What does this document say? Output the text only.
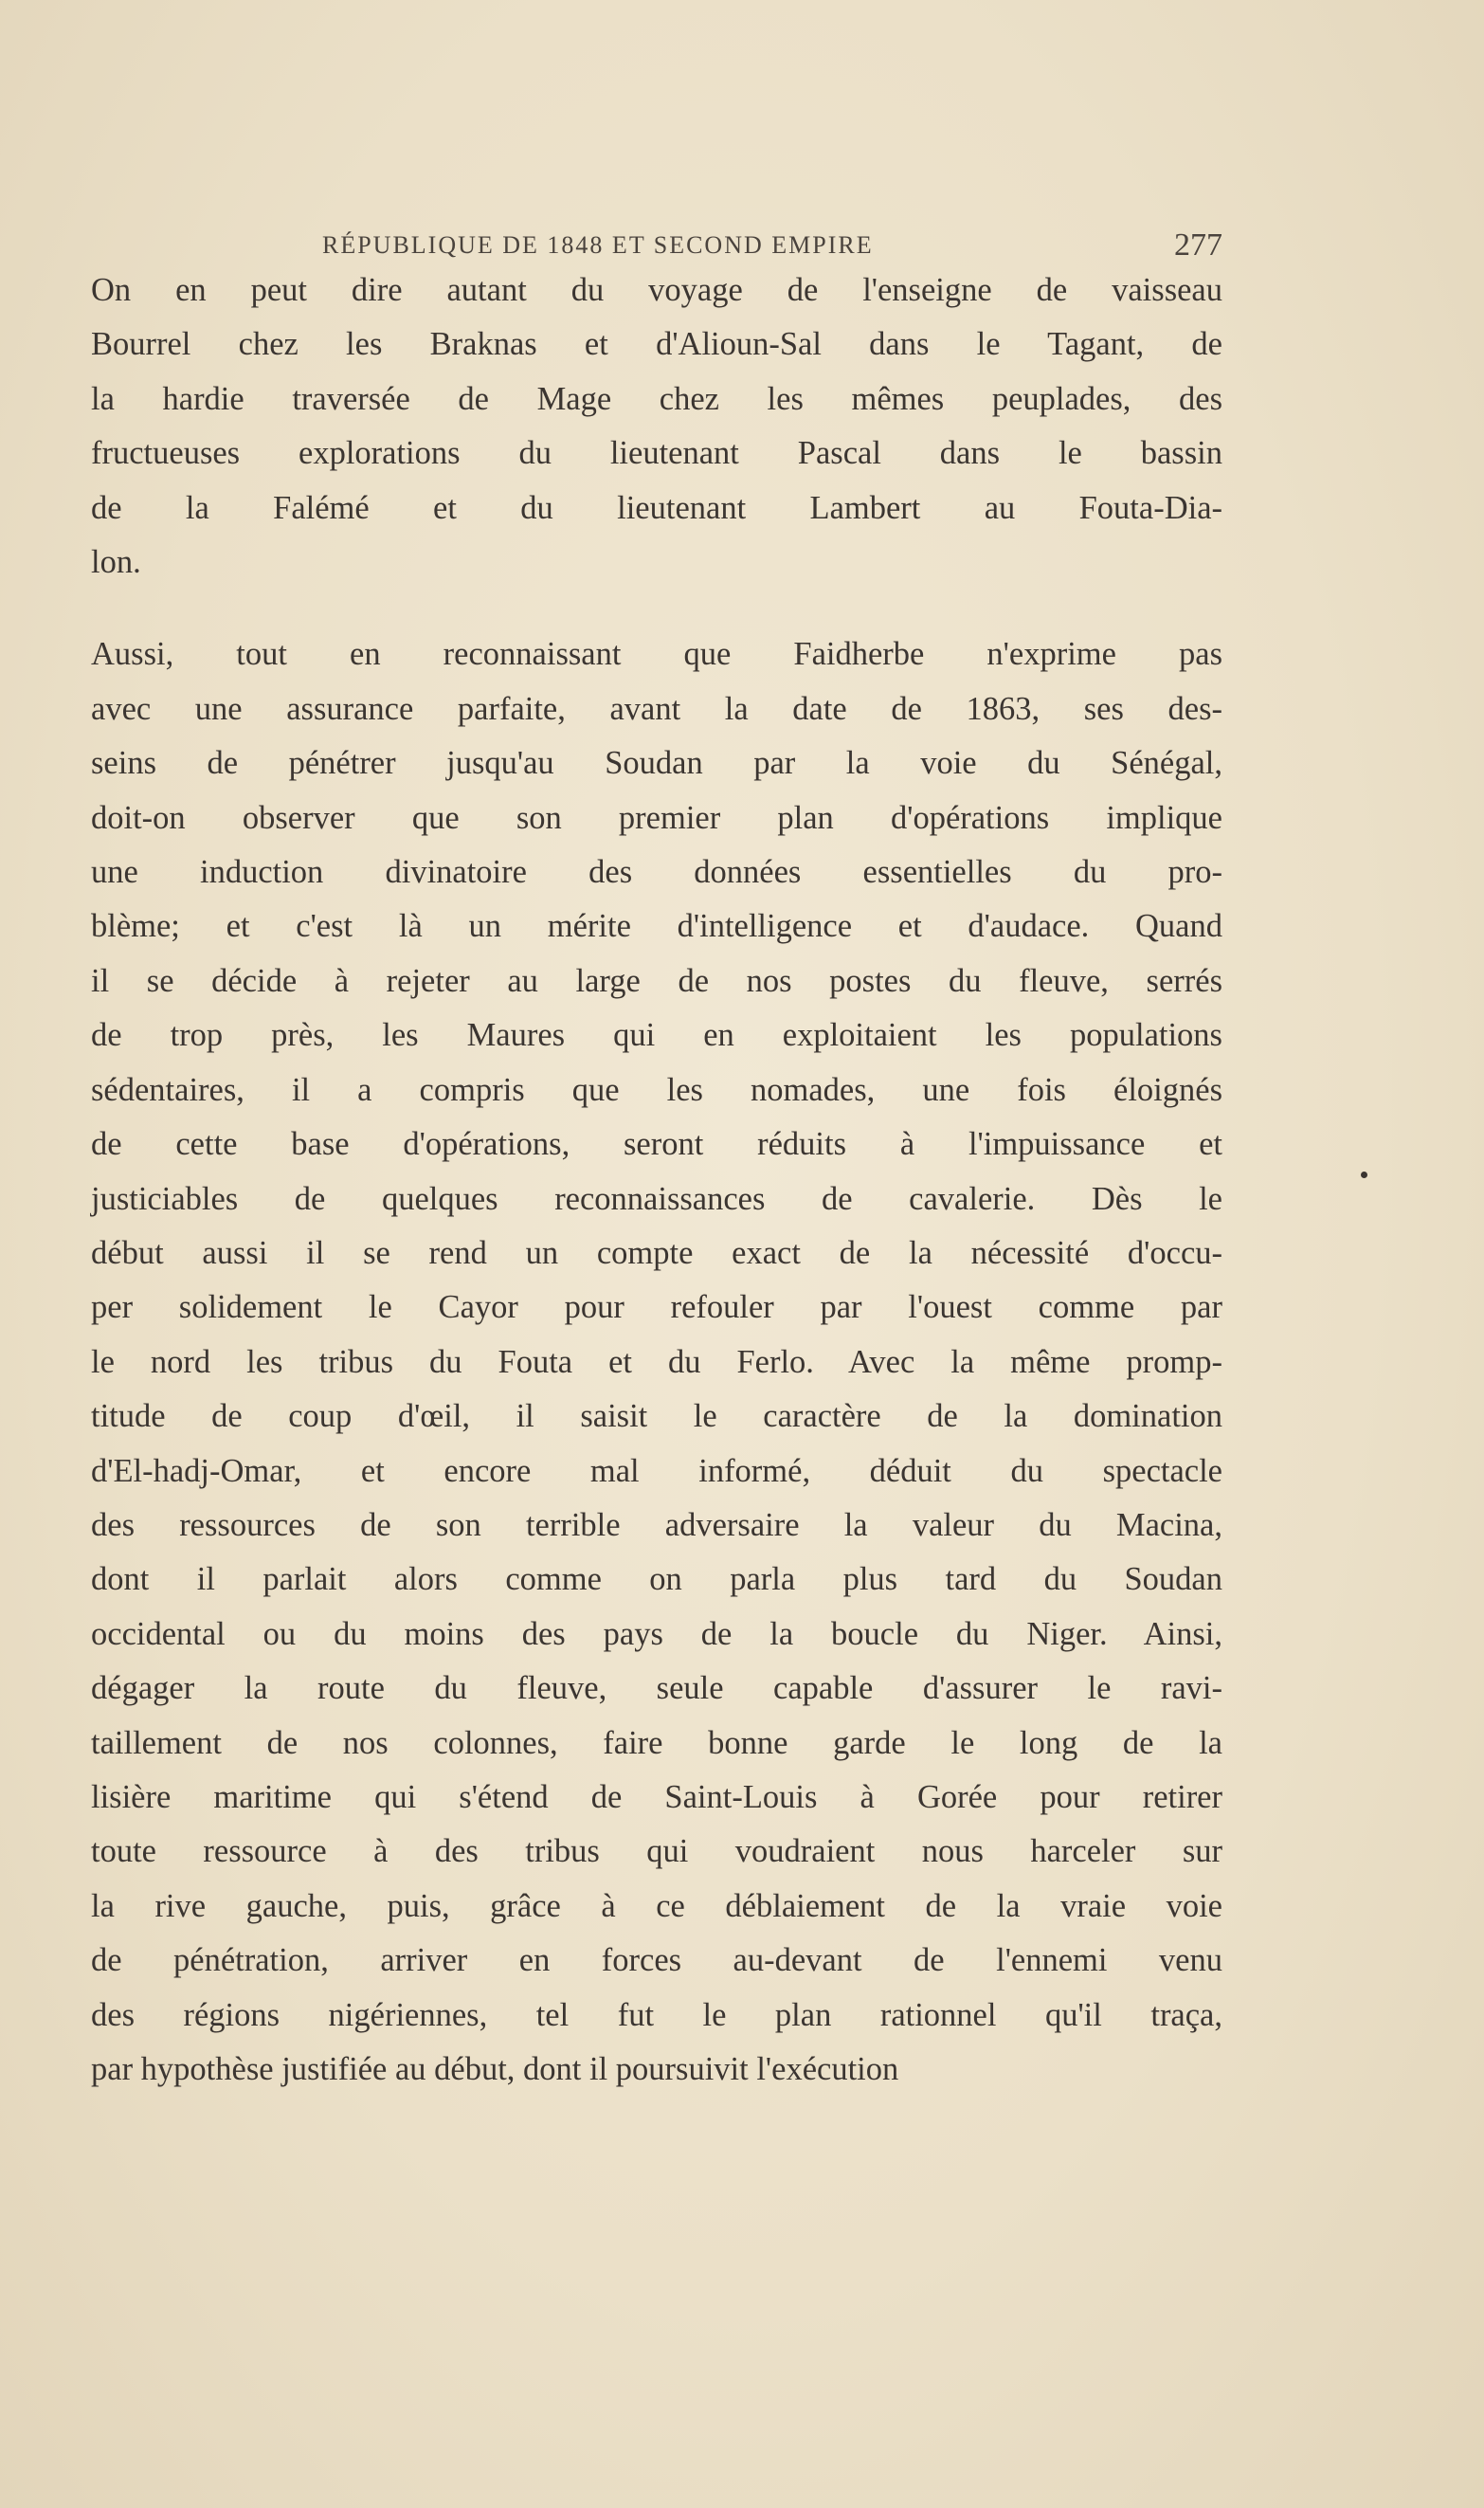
RÉPUBLIQUE DE 1848 ET SECOND EMPIRE	277
On en peut dire autant du voyage de l'enseigne de vaisseau
Bourrel chez les Braknas et d'Alioun-Sal dans le Tagant, de
la hardie traversée de Mage chez les mêmes peuplades, des
fructueuses explorations du lieutenant Pascal dans le bassin
de la Falémé et du lieutenant Lambert au Fouta-Dia-
lon.
Aussi, tout en reconnaissant que Faidherbe n'exprime pas
avec une assurance parfaite, avant la date de 1863, ses des-
seins de pénétrer jusqu'au Soudan par la voie du Sénégal,
doit-on observer que son premier plan d'opérations implique
une induction divinatoire des données essentielles du pro-
blème; et c'est là un mérite d'intelligence et d'audace. Quand
il se décide à rejeter au large de nos postes du fleuve, serrés
de trop près, les Maures qui en exploitaient les populations
sédentaires, il a compris que les nomades, une fois éloignés
de cette base d'opérations, seront réduits à l'impuissance et
justiciables de quelques reconnaissances de cavalerie. Dès le
début aussi il se rend un compte exact de la nécessité d'occu-
per solidement le Cayor pour refouler par l'ouest comme par
le nord les tribus du Fouta et du Ferlo. Avec la même promp-
titude de coup d'œil, il saisit le caractère de la domination
d'El-hadj-Omar, et encore mal informé, déduit du spectacle
des ressources de son terrible adversaire la valeur du Macina,
dont il parlait alors comme on parla plus tard du Soudan
occidental ou du moins des pays de la boucle du Niger. Ainsi,
dégager la route du fleuve, seule capable d'assurer le ravi-
taillement de nos colonnes, faire bonne garde le long de la
lisière maritime qui s'étend de Saint-Louis à Gorée pour retirer
toute ressource à des tribus qui voudraient nous harceler sur
la rive gauche, puis, grâce à ce déblaiement de la vraie voie
de pénétration, arriver en forces au-devant de l'ennemi venu
des régions nigériennes, tel fut le plan rationnel qu'il traça,
par hypothèse justifiée au début, dont il poursuivit l'exécution
